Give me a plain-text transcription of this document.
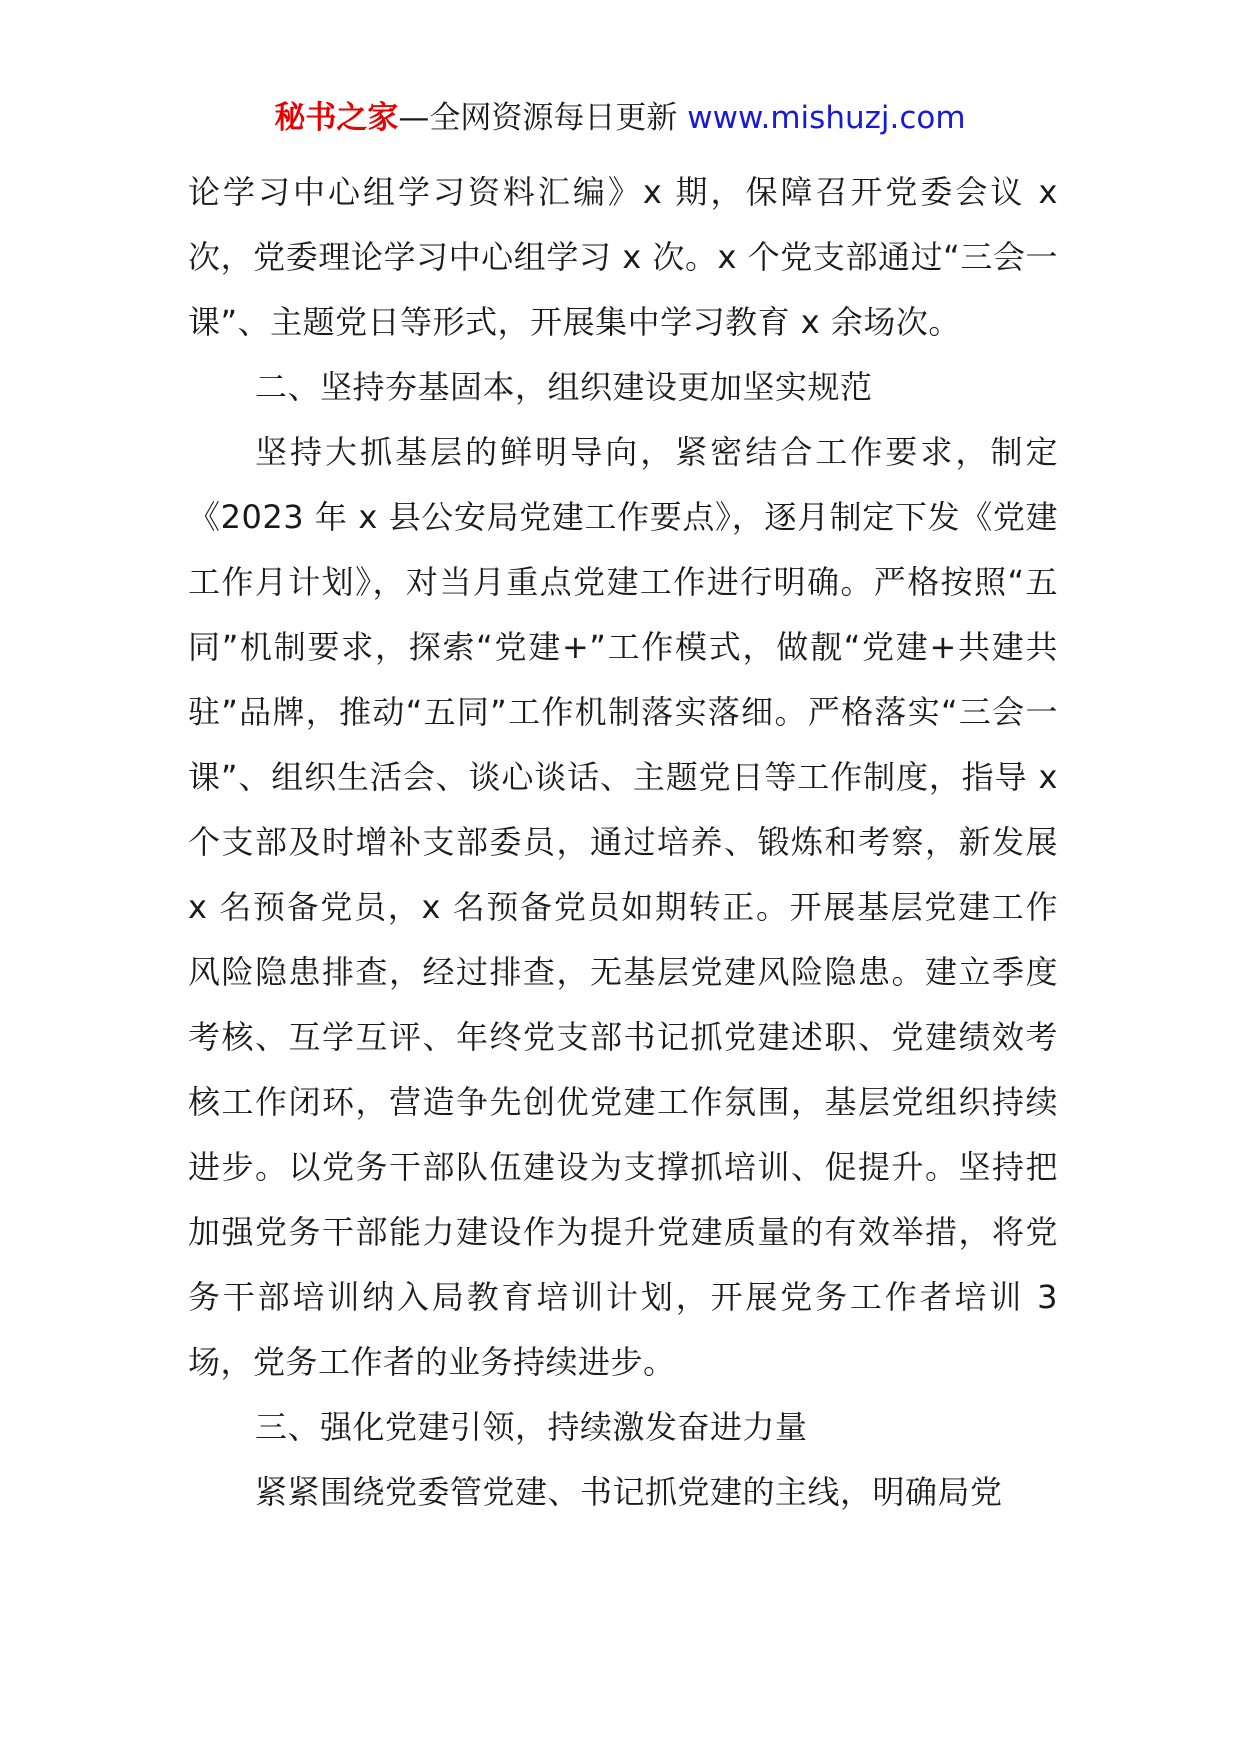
秘书之家—全网资源每日更新 www.mishuzj.com

论学习中心组学习资料汇编》x 期，保障召开党委会议 x 次，党委理论学习中心组学习 x 次。x 个党支部通过“三会一课”、主题党日等形式，开展集中学习教育 x 余场次。

二、坚持夯基固本，组织建设更加坚实规范

坚持大抓基层的鲜明导向，紧密结合工作要求，制定《2023 年 x 县公安局党建工作要点》，逐月制定下发《党建工作月计划》，对当月重点党建工作进行明确。严格按照“五同”机制要求，探索“党建+”工作模式，做靓“党建+共建共驻”品牌，推动“五同”工作机制落实落细。严格落实“三会一课”、组织生活会、谈心谈话、主题党日等工作制度，指导 x 个支部及时增补支部委员，通过培养、锻炼和考察，新发展 x 名预备党员，x 名预备党员如期转正。开展基层党建工作风险隐患排查，经过排查，无基层党建风险隐患。建立季度考核、互学互评、年终党支部书记抓党建述职、党建绩效考核工作闭环，营造争先创优党建工作氛围，基层党组织持续进步。以党务干部队伍建设为支撑抓培训、促提升。坚持把加强党务干部能力建设作为提升党建质量的有效举措，将党务干部培训纳入局教育培训计划，开展党务工作者培训 3 场，党务工作者的业务持续进步。

三、强化党建引领，持续激发奋进力量

紧紧围绕党委管党建、书记抓党建的主线，明确局党
